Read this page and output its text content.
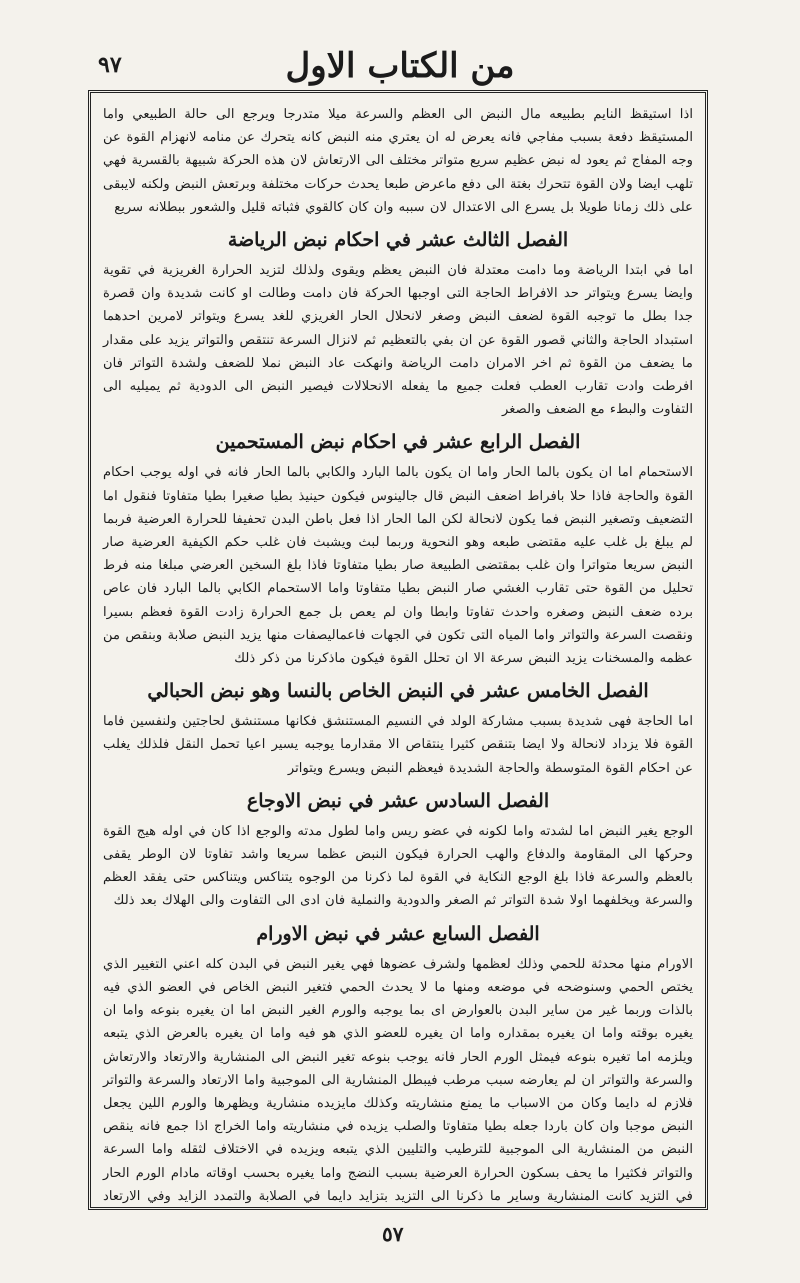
٩٧	من الكتاب الاول

اذا استيقظ النايم بطبيعه مال النبض الى العظم والسرعة ميلا متدرجا ويرجع الى حالة الطبيعي واما المستيقظ دفعة بسبب مفاجي فانه يعرض له ان يعتري منه النبض كانه يتحرك عن منامه لانهزام القوة عن وجه المفاج ثم يعود له نبض عظيم سريع متواتر مختلف الى الارتعاش لان هذه الحركة شبيهة بالقسرية فهي تلهب ايضا ولان القوة تتحرك بغتة الى دفع ماعرض طبعا يحدث حركات مختلفة وبرتعش النبض ولكنه لايبقى على ذلك زمانا طويلا بل يسرع الى الاعتدال لان سببه وان كان كالقوي فثباته قليل والشعور ببطلانه سريع

الفصل الثالث عشر في احكام نبض الرياضة

اما في ابتدا الرياضة وما دامت معتدلة فان النبض يعظم ويقوى ولذلك لتزيد الحرارة الغريزية في تقوية وايضا يسرع ويتواتر حد الافراط الحاجة التى اوجبها الحركة فان دامت وطالت او كانت شديدة وان قصرة جدا بطل ما توجبه القوة لضعف النبض وصغر لانحلال الحار الغريزي للغد يسرع ويتواتر لامرين احدهما استبداد الحاجة والثاني قصور القوة عن ان بفي بالتعظيم ثم لانزال السرعة تنتقص والتواتر يزيد على مقدار ما يضعف من القوة ثم اخر الامران دامت الرياضة وانهكت عاد النبض نملا للضعف ولشدة التواتر فان افرطت وادت تقارب العطب فعلت جميع ما يفعله الانحلالات فيصير النبض الى الدودية ثم يميليه الى التفاوت والبطء مع الضعف والصغر

الفصل الرابع عشر في احكام نبض المستحمين

الاستحمام اما ان يكون بالما الحار واما ان يكون بالما البارد والكابي بالما الحار فانه في اوله يوجب احكام القوة والحاجة فاذا حلا بافراط اضعف النبض قال جالينوس فيكون حينيذ بطيا صغيرا بطيا متفاوتا فنقول اما التضعيف وتصغير النبض فما يكون لانحالة لكن الما الحار اذا فعل باطن البدن تحفيفا للحرارة العرضية فربما لم يبلغ بل غلب عليه مقتضى طبعه وهو النحوية وربما لبث ويشبث فان غلب حكم الكيفية العرضية صار النبض سريعا متواترا وان غلب بمقتضى الطبيعة صار بطيا متفاوتا فاذا بلغ السخين العرضي مبلغا منه فرط تحليل من القوة حتى تقارب الغشي صار النبض بطيا متفاوتا واما الاستحمام الكابي بالما البارد فان عاص برده ضعف النبض وصغره واحدث تفاوتا وابطا وان لم يعص بل جمع الحرارة زادت القوة فعظم بسيرا ونقصت السرعة والتواتر واما المياه التى تكون في الجهات فاعماليصفات منها يزيد النبض صلابة وبنقص من عظمه والمسخنات يزيد النبض سرعة الا ان تحلل القوة فيكون ماذكرنا من ذكر ذلك

الفصل الخامس عشر في النبض الخاص بالنسا وهو نبض الحبالي

اما الحاجة فهى شديدة بسبب مشاركة الولد في النسيم المستنشق فكانها مستنشق لحاجتين ولنفسين فاما القوة فلا يزداد لانحالة ولا ايضا بتنقص كثيرا ينتقاص الا مقدارما يوجبه يسير اعيا تحمل النقل فلذلك يغلب عن احكام القوة المتوسطة والحاجة الشديدة فيعظم النبض ويسرع ويتواتر

الفصل السادس عشر في نبض الاوجاع

الوجع يغير النبض اما لشدته واما لكونه في عضو ريس واما لطول مدته والوجع اذا كان في اوله هيج القوة وحركها الى المقاومة والدفاع والهب الحرارة فيكون النبض عظما سريعا واشد تفاوتا لان الوطر يقفى بالعظم والسرعة فاذا بلغ الوجع النكاية في القوة لما ذكرنا من الوجوه يتناكس ويتناكس حتى يفقد العظم والسرعة ويخلفهما اولا شدة التواتر ثم الصغر والدودية والنملية فان ادى الى التفاوت والى الهلاك بعد ذلك

الفصل السابع عشر في نبض الاورام

الاورام منها محدثة للحمي وذلك لعظمها ولشرف عضوها فهي يغير النبض في البدن كله اعني التغيير الذي يختص الحمي وسنوضحه في موضعه ومنها ما لا يحدث الحمي فتغير النبض الخاص في العضو الذي فيه بالذات وربما غير من ساير البدن بالعوارض اى بما يوجبه والورم الغير النبض اما ان يغيره بنوعه واما ان يغيره بوقته واما ان يغيره بمقداره واما ان يغيره للعضو الذي هو فيه واما ان يغيره بالعرض الذي يتبعه ويلزمه اما تغيره بنوعه فيمثل الورم الحار فانه يوجب بنوعه تغير النبض الى المنشارية والارتعاد والارتعاش والسرعة والتواتر ان لم يعارضه سبب مرطب فيبطل المنشارية الى الموجبية واما الارتعاد والسرعة والتواتر فلازم له دايما وكان من الاسباب ما يمنع منشاريته وكذلك مايزيده منشارية ويظهرها والورم اللين يجعل النبض موجبا وان كان باردا جعله بطيا متفاوتا والصلب يزيده في منشاريته واما الخراج اذا جمع فانه ينقص النبض من المنشارية الى الموجبية للترطيب والتليين الذي يتبعه ويزيده في الاختلاف لثقله واما السرعة والتواتر فكثيرا ما يحف بسكون الحرارة العرضية بسبب النضج واما يغيره بحسب اوقاته مادام الورم الحار في التزيد كانت المنشارية وساير ما ذكرنا الى التزيد بتزايد دايما في الصلابة والتمدد الزايد وفي الارتعاد

٥٧
